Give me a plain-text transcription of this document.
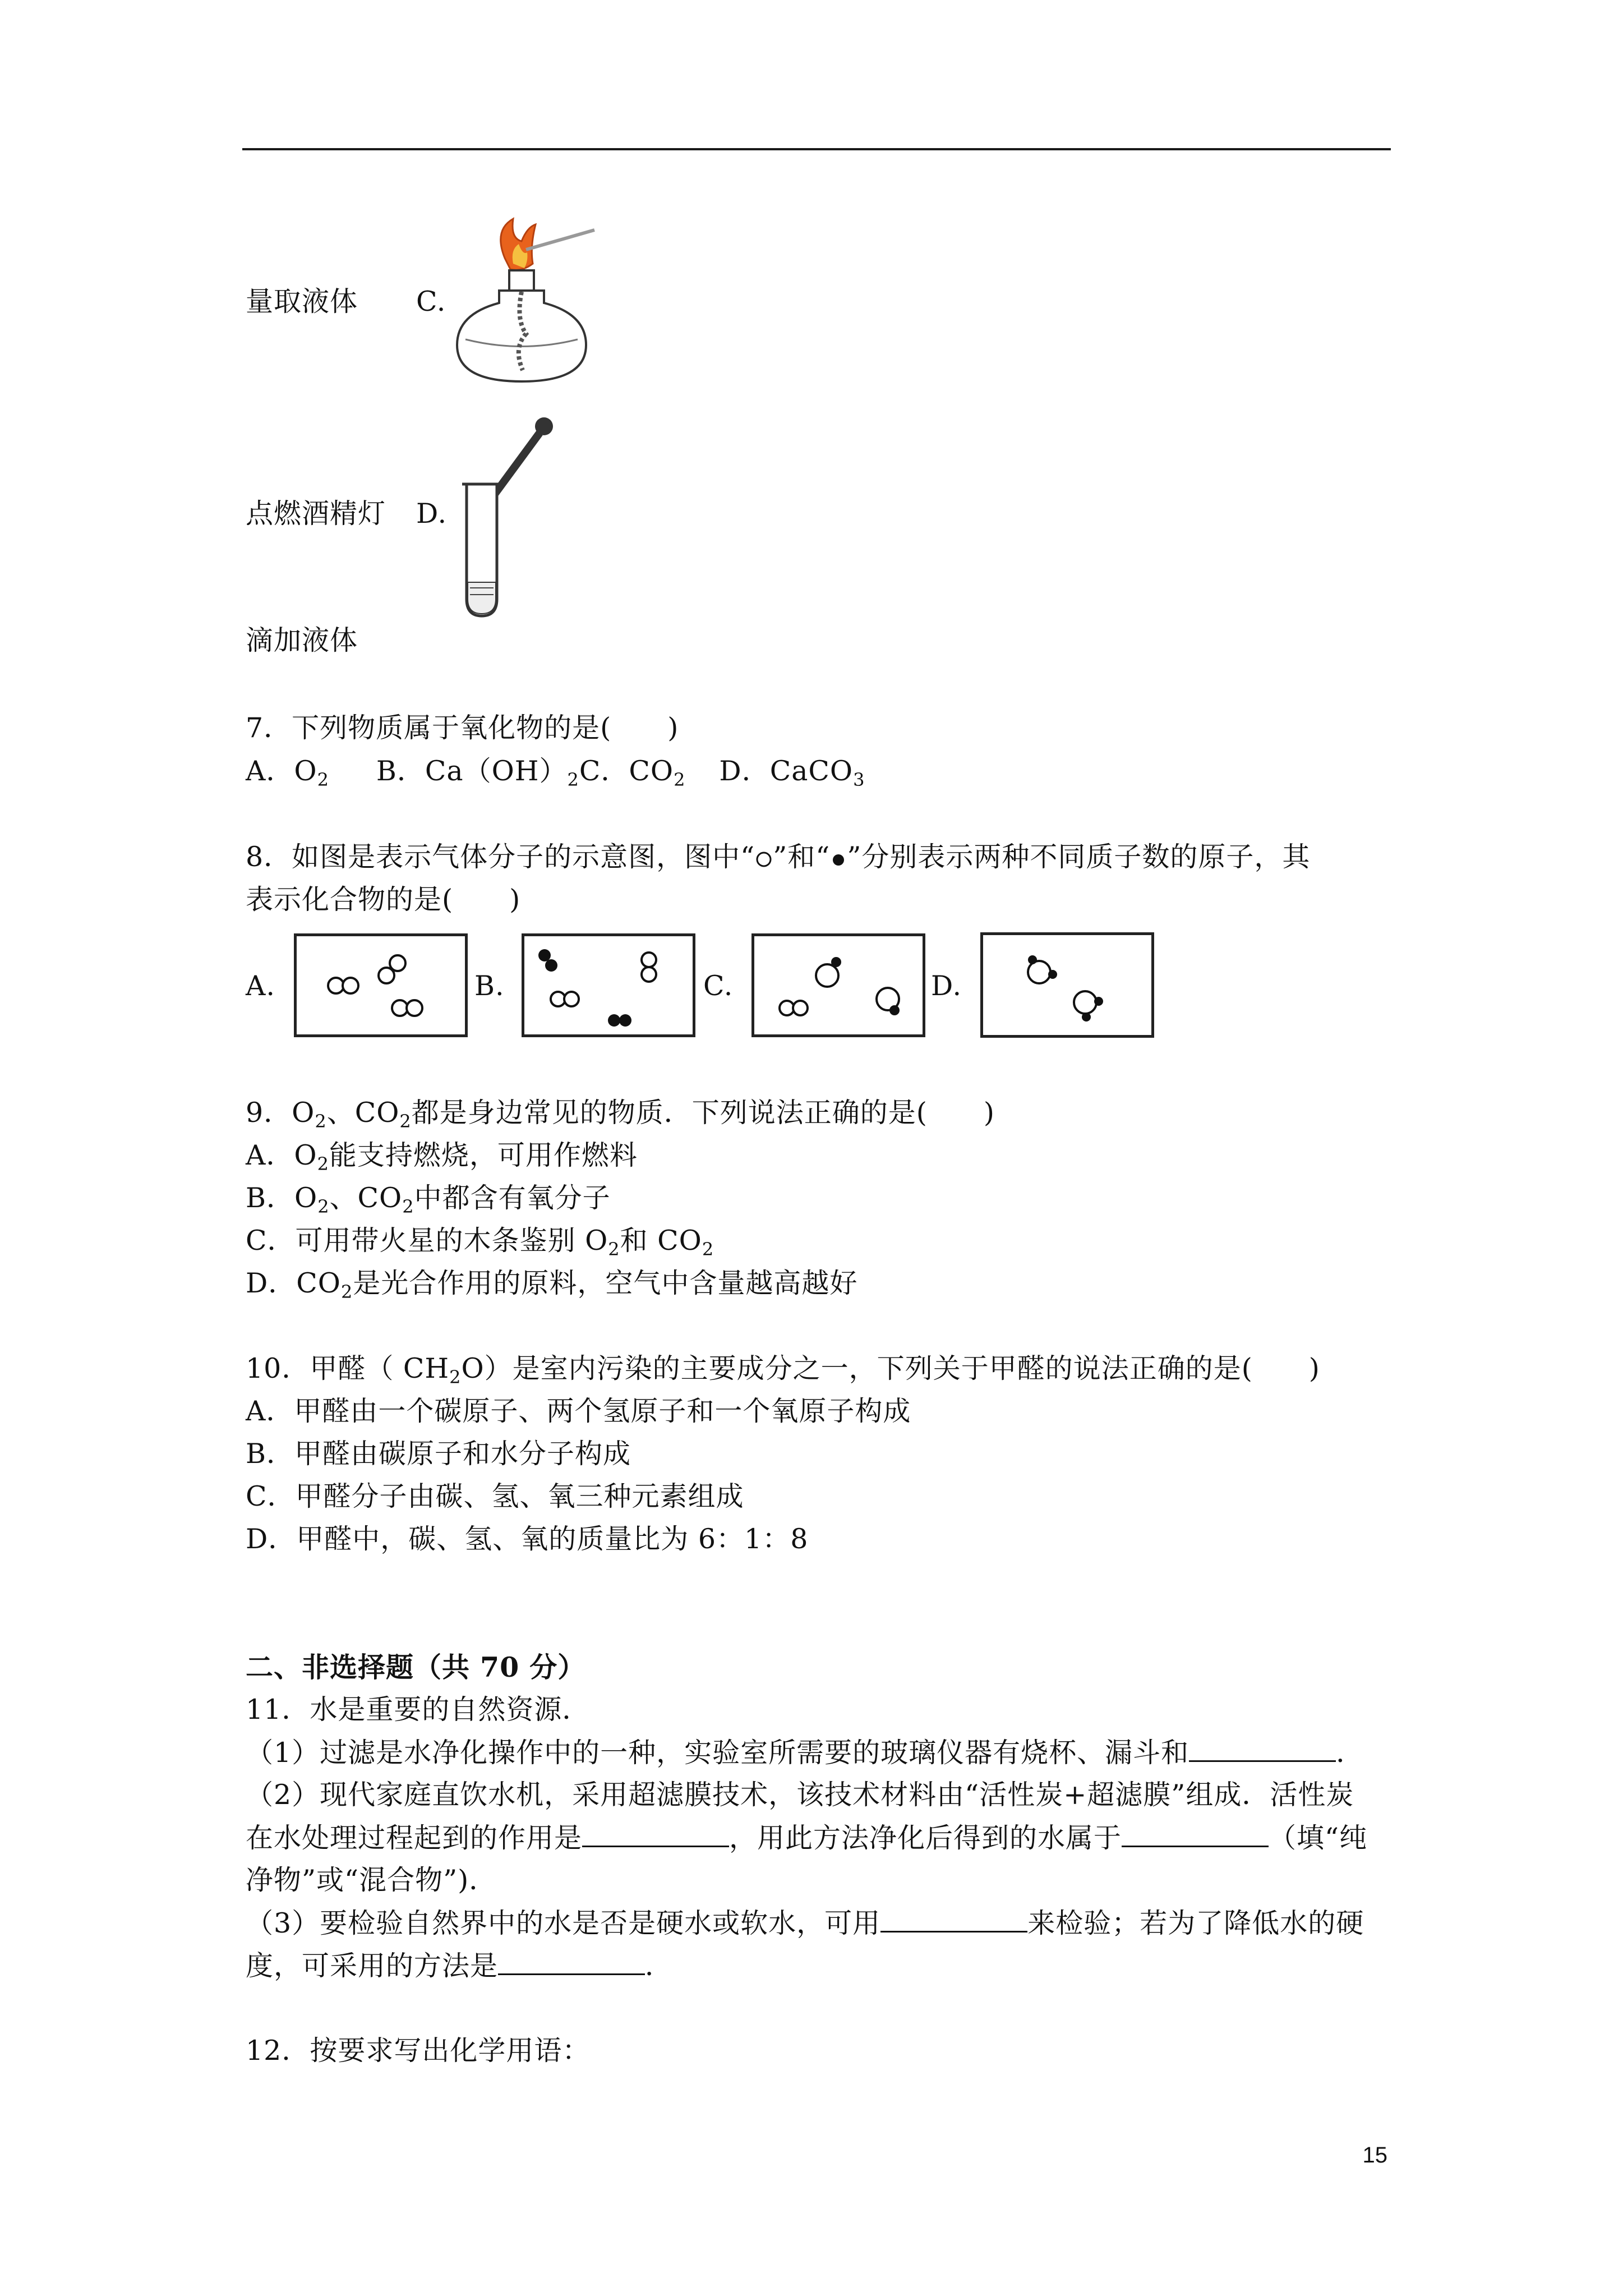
量取液体 C.
点燃酒精灯 D.
滴加液体
7．下列物质属于氧化物的是(　　)
A．$O_2$ B．$Ca(OH)_2C$．$CO_2$ D．CaCO$_3$
8．如图是表示气体分子的示意图，图中“ ”和“ ”分别表示两种不同质子数的原子，其
表示化合物的是(　　)
A.	B.	C.	D.
9．$O_2$、$CO_2$都是身边常见的物质．下列说法正确的是(　　)
A．$O_2$能支持燃烧，可用作燃料
B．$O_2$、$CO_2$中都含有氧分子
C．可用带火星的木条鉴别 $O_2$和 $CO_2$
D．$CO_2$是光合作用的原料，空气中含量越高越好
10．甲醛（ $CH_2O$）是室内污染的主要成分之一，下列关于甲醛的说法正确的是(　　)
A．甲醛由一个碳原子、两个氢原子和一个氧原子构成
B．甲醛由碳原子和水分子构成
C．甲醛分子由碳、氢、氧三种元素组成
D．甲醛中，碳、氢、氧的质量比为 6：1：8
二、非选择题（共 70 分）
11．水是重要的自然资源．
（1）过滤是水净化操作中的一种，实验室所需要的玻璃仪器有烧杯、漏斗和	．
（2）现代家庭直饮水机，采用超滤膜技术，该技术材料由“活性炭+超滤膜”组成．活性炭
在水处理过程起到的作用是	，用此方法净化后得到的水属于	（填“纯
净物”或“混合物”)．
（3）要检验自然界中的水是否是硬水或软水，可用	来检验；若为了降低水的硬
度，可采用的方法是	．
12．按要求写出化学用语：
15
